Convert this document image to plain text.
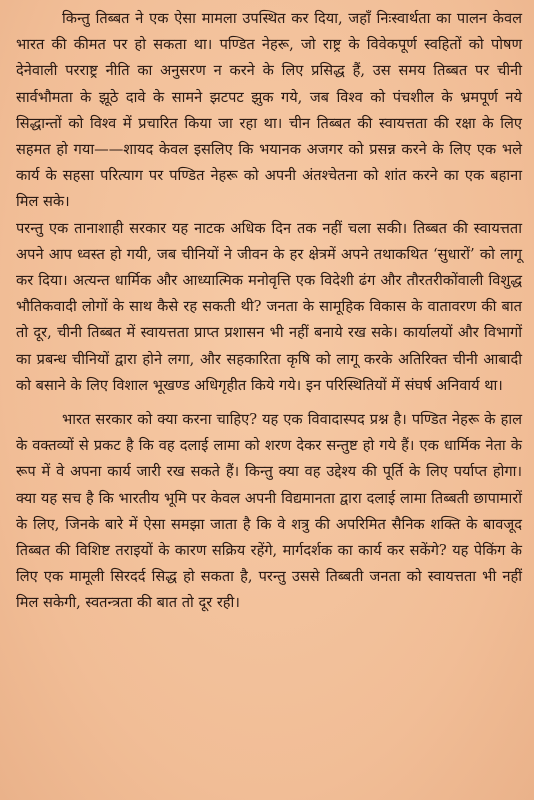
किन्तु तिब्बत ने एक ऐसा मामला उपस्थित कर दिया, जहाँ निःस्वार्थता का पालन केवल भारत की कीमत पर हो सकता था। पण्डित नेहरू, जो राष्ट्र के विवेकपूर्ण स्वहितों को पोषण देनेवाली परराष्ट्र नीति का अनुसरण न करने के लिए प्रसिद्ध हैं, उस समय तिब्बत पर चीनी सार्वभौमता के झूठे दावे के सामने झटपट झुक गये, जब विश्व को पंचशील के भ्रमपूर्ण नये सिद्धान्तों को विश्व में प्रचारित किया जा रहा था। चीन तिब्बत की स्वायत्तता की रक्षा के लिए सहमत हो गया——शायद केवल इसलिए कि भयानक अजगर को प्रसन्न करने के लिए एक भले कार्य के सहसा परित्याग पर पण्डित नेहरू को अपनी अंतश्चेतना को शांत करने का एक बहाना मिल सके।

परन्तु एक तानाशाही सरकार यह नाटक अधिक दिन तक नहीं चला सकी। तिब्बत की स्वायत्तता अपने आप ध्वस्त हो गयी, जब चीनियों ने जीवन के हर क्षेत्रमें अपने तथाकथित ‘सुधारों’ को लागू कर दिया। अत्यन्त धार्मिक और आध्यात्मिक मनोवृत्ति एक विदेशी ढंग और तौरतरीकोंवाली विशुद्ध भौतिकवादी लोगों के साथ कैसे रह सकती थी? जनता के सामूहिक विकास के वातावरण की बात तो दूर, चीनी तिब्बत में स्वायत्तता प्राप्त प्रशासन भी नहीं बनाये रख सके। कार्यालयों और विभागों का प्रबन्ध चीनियों द्वारा होने लगा, और सहकारिता कृषि को लागू करके अतिरिक्त चीनी आबादी को बसाने के लिए विशाल भूखण्ड अधिगृहीत किये गये। इन परिस्थितियों में संघर्ष अनिवार्य था।

भारत सरकार को क्या करना चाहिए? यह एक विवादास्पद प्रश्न है। पण्डित नेहरू के हाल के वक्तव्यों से प्रकट है कि वह दलाई लामा को शरण देकर सन्तुष्ट हो गये हैं। एक धार्मिक नेता के रूप में वे अपना कार्य जारी रख सकते हैं। किन्तु क्या वह उद्देश्य की पूर्ति के लिए पर्याप्त होगा। क्या यह सच है कि भारतीय भूमि पर केवल अपनी विद्यमानता द्वारा दलाई लामा तिब्बती छापामारों के लिए, जिनके बारे में ऐसा समझा जाता है कि वे शत्रु की अपरिमित सैनिक शक्ति के बावजूद तिब्बत की विशिष्ट तराइयों के कारण सक्रिय रहेंगे, मार्गदर्शक का कार्य कर सकेंगे? यह पेकिंग के लिए एक मामूली सिरदर्द सिद्ध हो सकता है, परन्तु उससे तिब्बती जनता को स्वायत्तता भी नहीं मिल सकेगी, स्वतन्त्रता की बात तो दूर रही।
